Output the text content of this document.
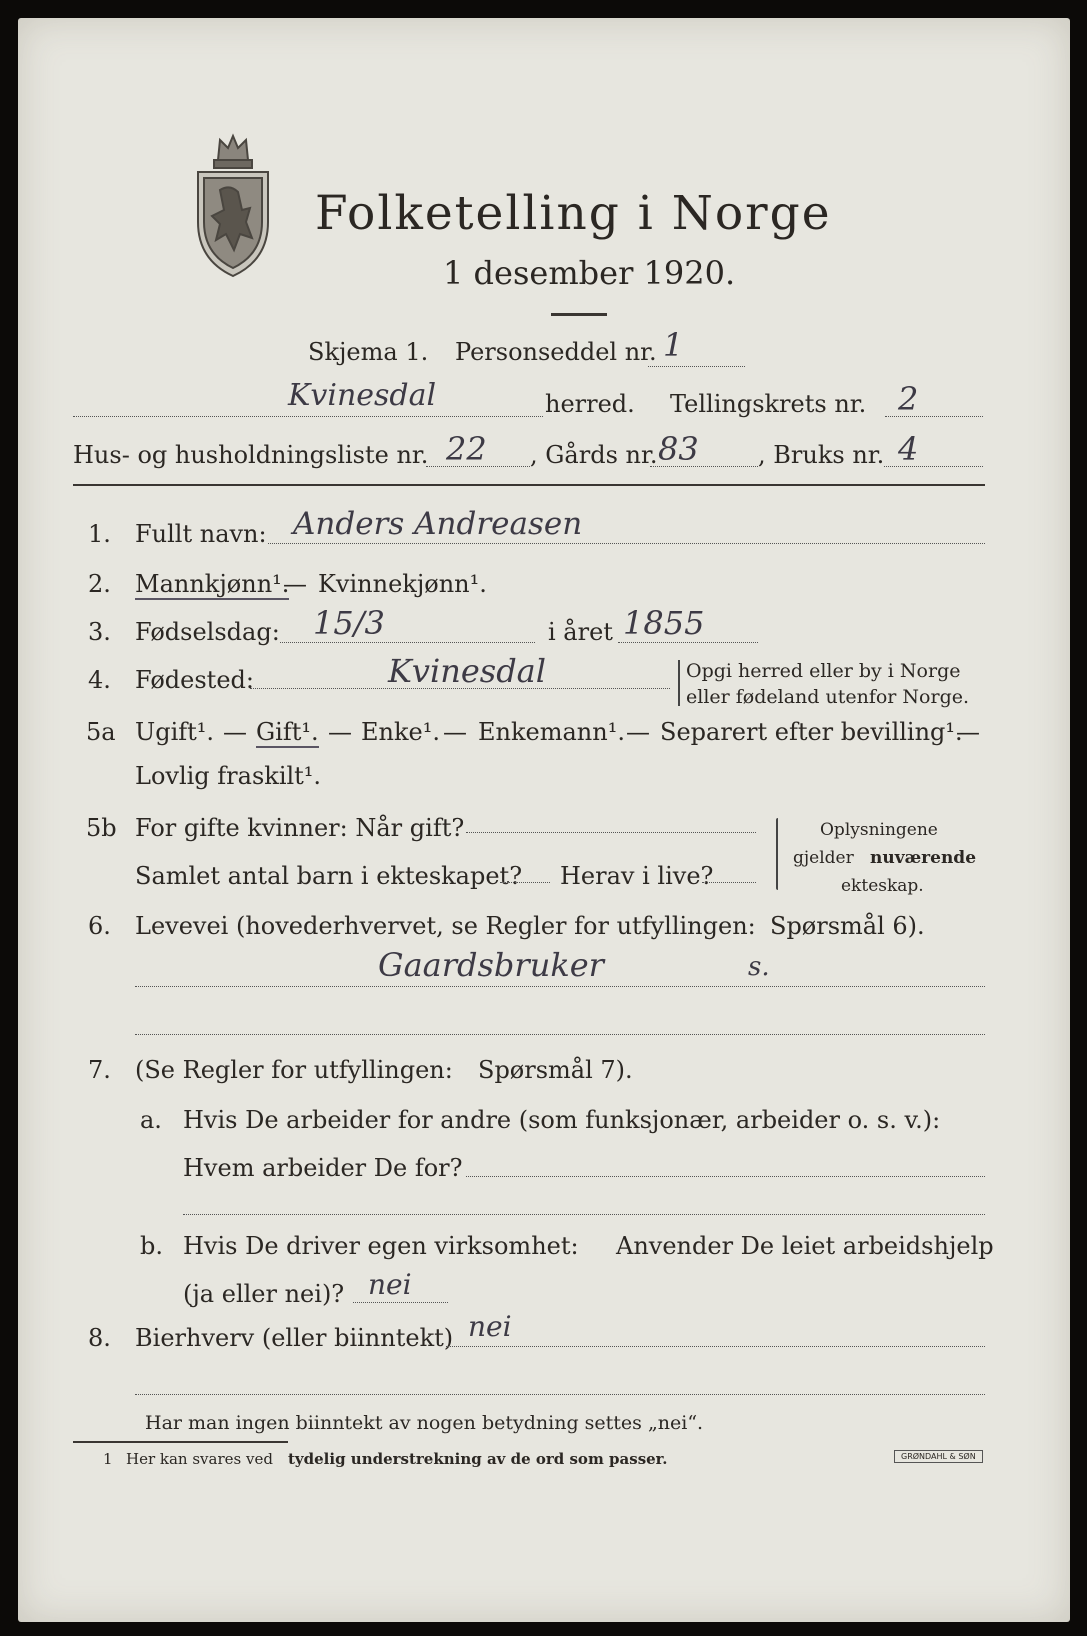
Folketelling i Norge
1 desember 1920.
Skjema 1. Personseddel nr. 1
Kvinesdal	herred. Tellingskrets nr. 2
Hus- og husholdningsliste nr. 22 , Gårds nr. 83 , Bruks nr. 4
1. Fullt navn: Anders Andreasen
2. Mannkjønn¹.
— Kvinnekjønn¹.
3. Fødselsdag: 15/3	i året 1855
4. Fødested:	Kvinesdal	Opgi herred eller by i Norge
eller fødeland utenfor Norge.
5a Ugift¹. — Gift¹. — Enke¹. — Enkemann¹. — Separert efter bevilling¹.
—
Lovlig fraskilt¹.
5b For gifte kvinner: Når gift?
Samlet antal barn i ekteskapet? Herav i live?
Oplysningene
gjelder nuværende
ekteskap.
6. Levevei (hovederhvervet, se Regler for utfyllingen: Spørsmål 6).
Gaardsbruker	s.
7. (Se Regler for utfyllingen: Spørsmål 7).
a. Hvis De arbeider for andre (som funksjonær, arbeider o. s. v.):
Hvem arbeider De for?
b. Hvis De driver egen virksomhet: Anvender De leiet arbeidshjelp
(ja eller nei)? nei
8. Bierhverv (eller biinntekt) nei
Har man ingen biinntekt av nogen betydning settes „nei“.
1 Her kan svares ved tydelig understrekning av de ord som passer.	GRØNDAHL & SØN
